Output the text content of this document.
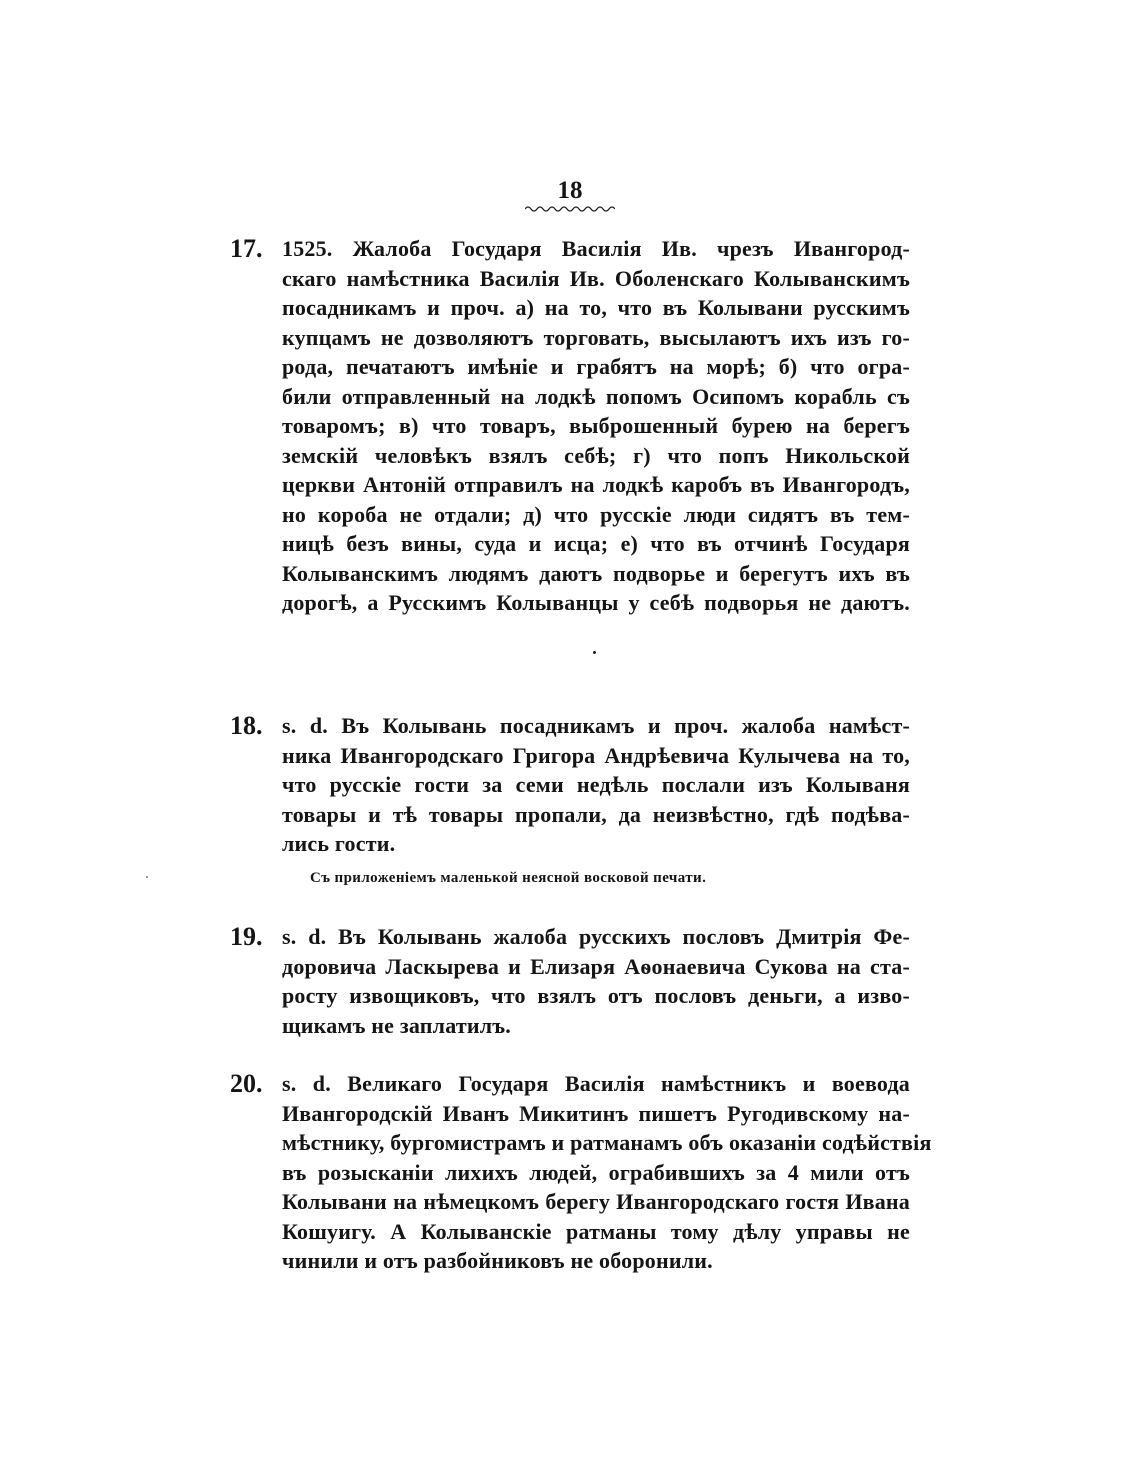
18
17. 1525. Жалоба Государя Василія Ив. чрезъ Ивангород-
скаго намѣстника Василія Ив. Оболенскаго Колыванскимъ
посадникамъ и проч. а) на то, что въ Колывани русскимъ
купцамъ не дозволяютъ торговать, высылаютъ ихъ изъ го-
рода, печатаютъ имѣніе и грабятъ на морѣ; б) что огра-
били отправленный на лодкѣ попомъ Осипомъ корабль съ
товаромъ; в) что товаръ, выброшенный бурею на берегъ
земскій человѣкъ взялъ себѣ; г) что попъ Никольской
церкви Антоній отправилъ на лодкѣ каробъ въ Ивангородъ,
но короба не отдали; д) что русскіе люди сидятъ въ тем-
ницѣ безъ вины, суда и исца; е) что въ отчинѣ Государя
Колыванскимъ людямъ даютъ подворье и берегутъ ихъ въ
дорогѣ, а Русскимъ Колыванцы у себѣ подворья не даютъ.
18. s. d. Въ Колывань посадникамъ и проч. жалоба намѣст-
ника Ивангородскаго Григора Андрѣевича Кулычева на то,
что русскіе гости за семи недѣль послали изъ Колываня
товары и тѣ товары пропали, да неизвѣстно, гдѣ подѣва-
лись гости.
Съ приложеніемъ маленькой неясной восковой печати.
19. s. d. Въ Колывань жалоба русскихъ пословъ Дмитрія Фе-
доровича Ласкырева и Елизаря Аѳонаевича Сукова на ста-
росту извощиковъ, что взялъ отъ пословъ деньги, а изво-
щикамъ не заплатилъ.
20. s. d. Великаго Государя Василія намѣстникъ и воевода
Ивангородскій Иванъ Микитинъ пишетъ Ругодивскому на-
мѣстнику, бургомистрамъ и ратманамъ объ оказаніи содѣйствія
въ розысканіи лихихъ людей, ограбившихъ за 4 мили отъ
Колывани на нѣмецкомъ берегу Ивангородскаго гостя Ивана
Кошуигу. А Колыванскіе ратманы тому дѣлу управы не
чинили и отъ разбойниковъ не оборонили.
